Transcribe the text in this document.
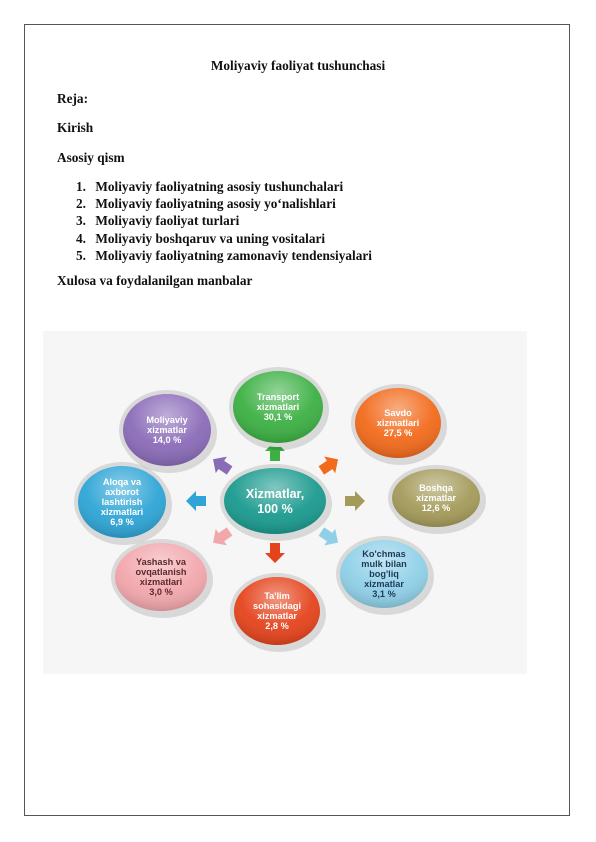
Moliyaviy faoliyat tushunchasi
Reja:
Kirish
Asosiy qism
1. Moliyaviy faoliyatning asosiy tushunchalari
2. Moliyaviy faoliyatning asosiy yo‘nalishlari
3. Moliyaviy faoliyat turlari
4. Moliyaviy boshqaruv va uning vositalari
5. Moliyaviy faoliyatning zamonaviy tendensiyalari
Xulosa va foydalanilgan manbalar
Transport
xizmatlari
30,1 %	Savdo
xizmatlari
27,5 %
Boshqa
xizmatlar
12,6 %
Ko'chmas
mulk bilan
bog'liq
xizmatlar
3,1 %
Ta'lim
sohasidagi
xizmatlar
2,8 %
Yashash va
ovqatlanish
xizmatlari
3,0 %
Aloqa va
axborot
lashtirish
xizmatlari
6,9 %
Moliyaviy
xizmatlar
14,0 %
Xizmatlar,
100 %
